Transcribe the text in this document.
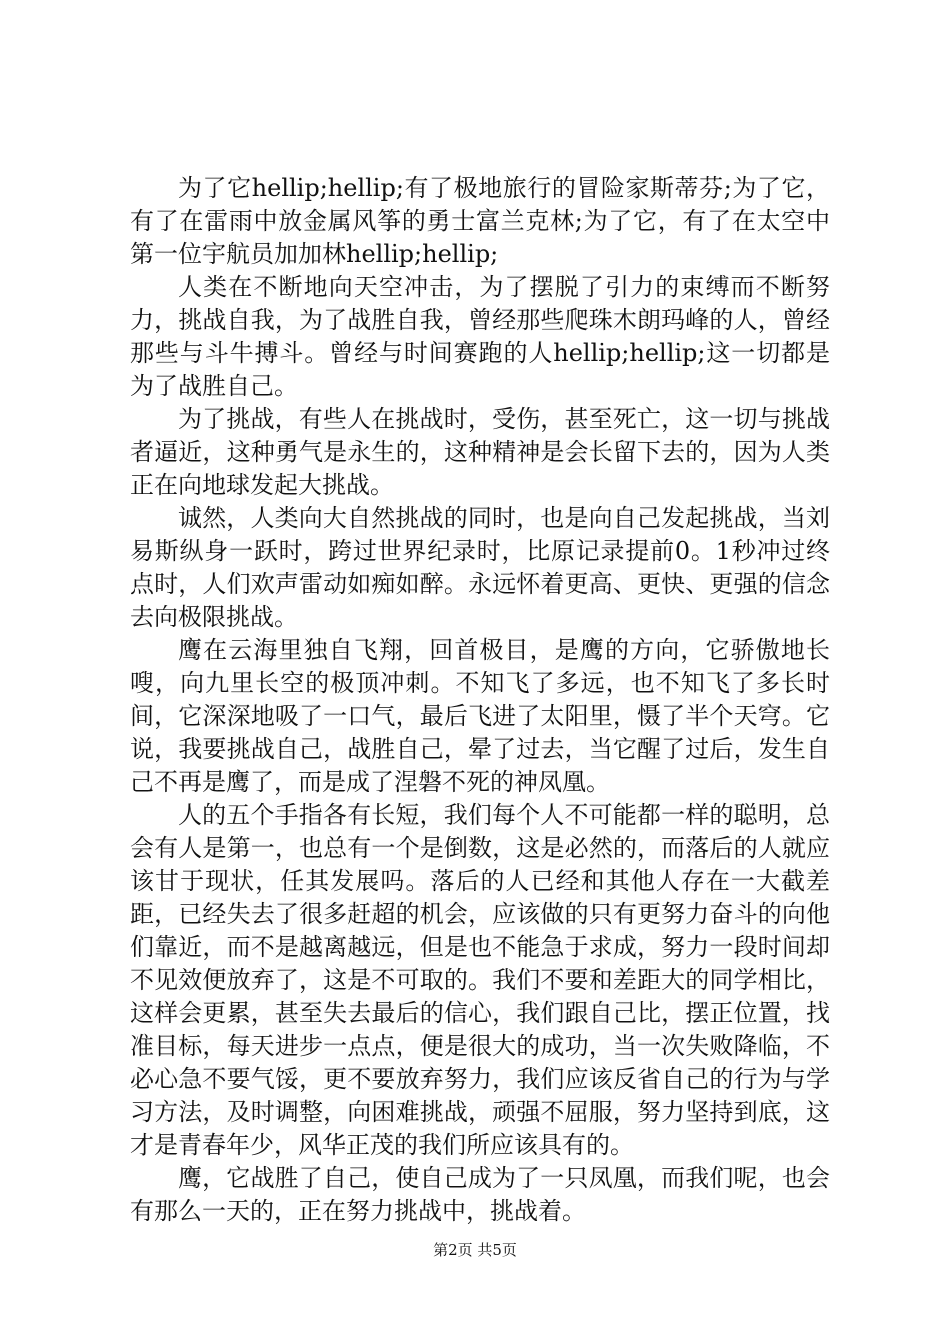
为了它hellip;hellip;有了极地旅行的冒险家斯蒂芬;为了它，有了在雷雨中放金属风筝的勇士富兰克林;为了它，有了在太空中第一位宇航员加加林hellip;hellip;

人类在不断地向天空冲击，为了摆脱了引力的束缚而不断努力，挑战自我，为了战胜自我，曾经那些爬珠木朗玛峰的人，曾经那些与斗牛搏斗。曾经与时间赛跑的人hellip;hellip;这一切都是为了战胜自己。

为了挑战，有些人在挑战时，受伤，甚至死亡，这一切与挑战者逼近，这种勇气是永生的，这种精神是会长留下去的，因为人类正在向地球发起大挑战。

诚然，人类向大自然挑战的同时，也是向自己发起挑战，当刘易斯纵身一跃时，跨过世界纪录时，比原记录提前0。1秒冲过终点时，人们欢声雷动如痴如醉。永远怀着更高、更快、更强的信念去向极限挑战。

鹰在云海里独自飞翔，回首极目，是鹰的方向，它骄傲地长嗖，向九里长空的极顶冲刺。不知飞了多远，也不知飞了多长时间，它深深地吸了一口气，最后飞进了太阳里，慑了半个天穹。它说，我要挑战自己，战胜自己，晕了过去，当它醒了过后，发生自己不再是鹰了，而是成了涅磐不死的神凤凰。

人的五个手指各有长短，我们每个人不可能都一样的聪明，总会有人是第一，也总有一个是倒数，这是必然的，而落后的人就应该甘于现状，任其发展吗。落后的人已经和其他人存在一大截差距，已经失去了很多赶超的机会，应该做的只有更努力奋斗的向他们靠近，而不是越离越远，但是也不能急于求成，努力一段时间却不见效便放弃了，这是不可取的。我们不要和差距大的同学相比，这样会更累，甚至失去最后的信心，我们跟自己比，摆正位置，找准目标，每天进步一点点，便是很大的成功，当一次失败降临，不必心急不要气馁，更不要放弃努力，我们应该反省自己的行为与学习方法，及时调整，向困难挑战，顽强不屈服，努力坚持到底，这才是青春年少，风华正茂的我们所应该具有的。

鹰，它战胜了自己，使自己成为了一只凤凰，而我们呢，也会有那么一天的，正在努力挑战中，挑战着。

第2页 共5页
